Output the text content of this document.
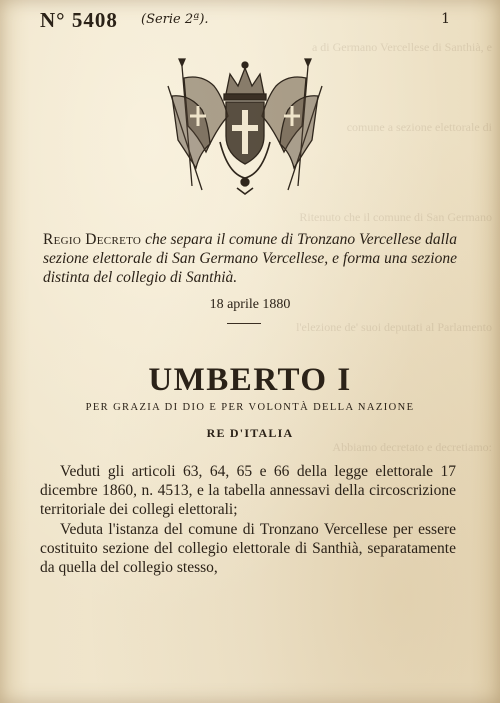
a di Germano Vercellese di Santhià, e
comune a sezione elettorale di
Ritenuto che il comune di San Germano
l'elezione de' suoi deputati al Parlamento
Abbiamo decretato e decretiamo:
N° 5408 (Serie 2ª).	1
Regio Decreto che separa il comune di Tronzano Vercellese dalla sezione elettorale di San Germano Vercellese, e forma una sezione distinta del collegio di Santhià.
18 aprile 1880
UMBERTO I
PER GRAZIA DI DIO E PER VOLONTÀ DELLA NAZIONE
RE D'ITALIA

Veduti gli articoli 63, 64, 65 e 66 della legge elettorale 17 dicembre 1860, n. 4513, e la tabella annessavi della circoscrizione territoriale dei collegi elettorali;

Veduta l'istanza del comune di Tronzano Vercellese per essere costituito sezione del collegio elettorale di Santhià, separatamente da quella del collegio stesso,
